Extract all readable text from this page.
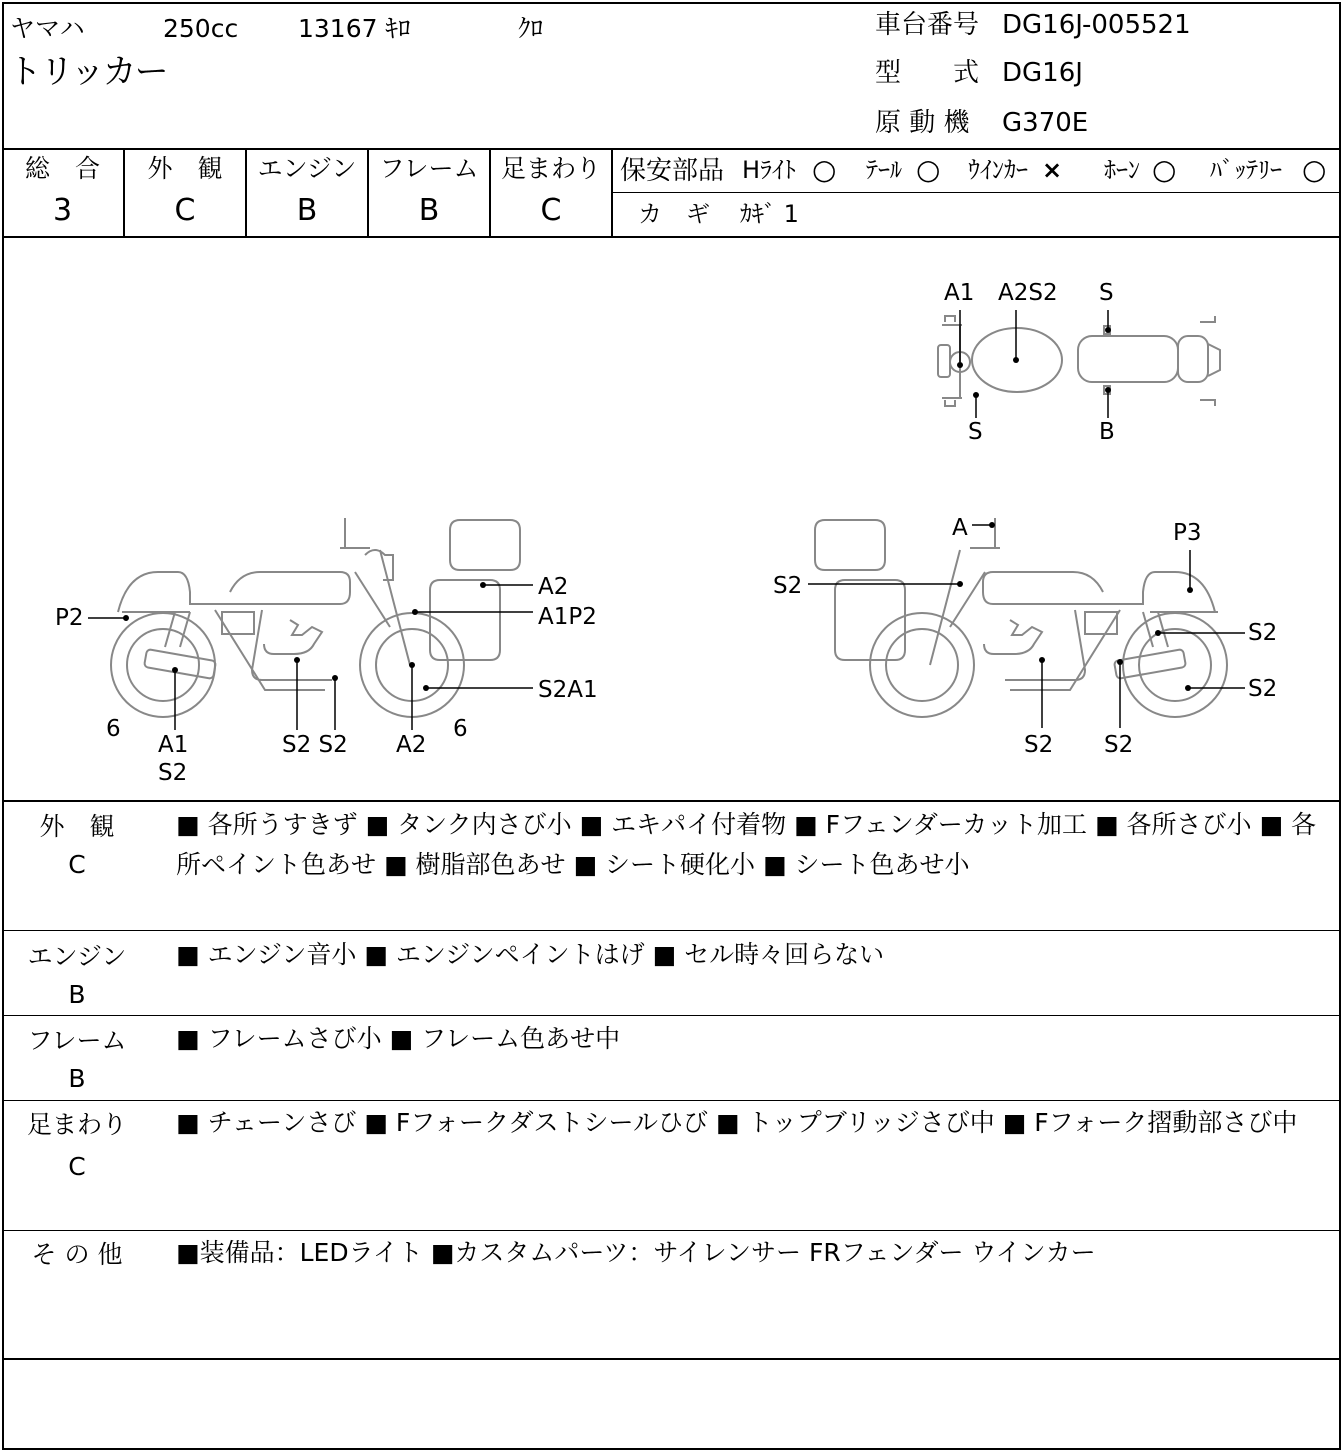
ヤマハ
トリッカー
250cc 13167 ｷﾛ	ｸﾛ	車台番号 DG16J-005521
型　　式 DG16J
原 動 機 G370E
総　合
3
外　観
C
エンジン
B
フレーム
B
足まわり
C
保安部品 Hﾗｲﾄ ○ ﾃｰﾙ ○ ｳｲﾝｶｰ × ﾎｰﾝ ○ ﾊﾞｯﾃﾘｰ ○
カ　ギ ｶｷﾞ 1
A1 A2S2 S
S	B
P2
A2
A1P2
S2A1
6
A1
S2
S2 S2 A2
6
A	P3
S2
S2
S2
S2 S2
外　観
C
■ 各所うすきず ■ タンク内さび小 ■ エキパイ付着物 ■ Fフェンダーカット加工 ■ 各所さび小 ■ 各所ペイント色あせ ■ 樹脂部色あせ ■ シート硬化小 ■ シート色あせ小
エンジン
B
■ エンジン音小 ■ エンジンペイントはげ ■ セル時々回らない
フレーム
B
■ フレームさび小 ■ フレーム色あせ中
足まわり
C
■ チェーンさび ■ Fフォークダストシールひび ■ トップブリッジさび中 ■ Fフォーク摺動部さび中
そ の 他	■装備品：LEDライト ■カスタムパーツ：サイレンサー FRフェンダー ウインカー
